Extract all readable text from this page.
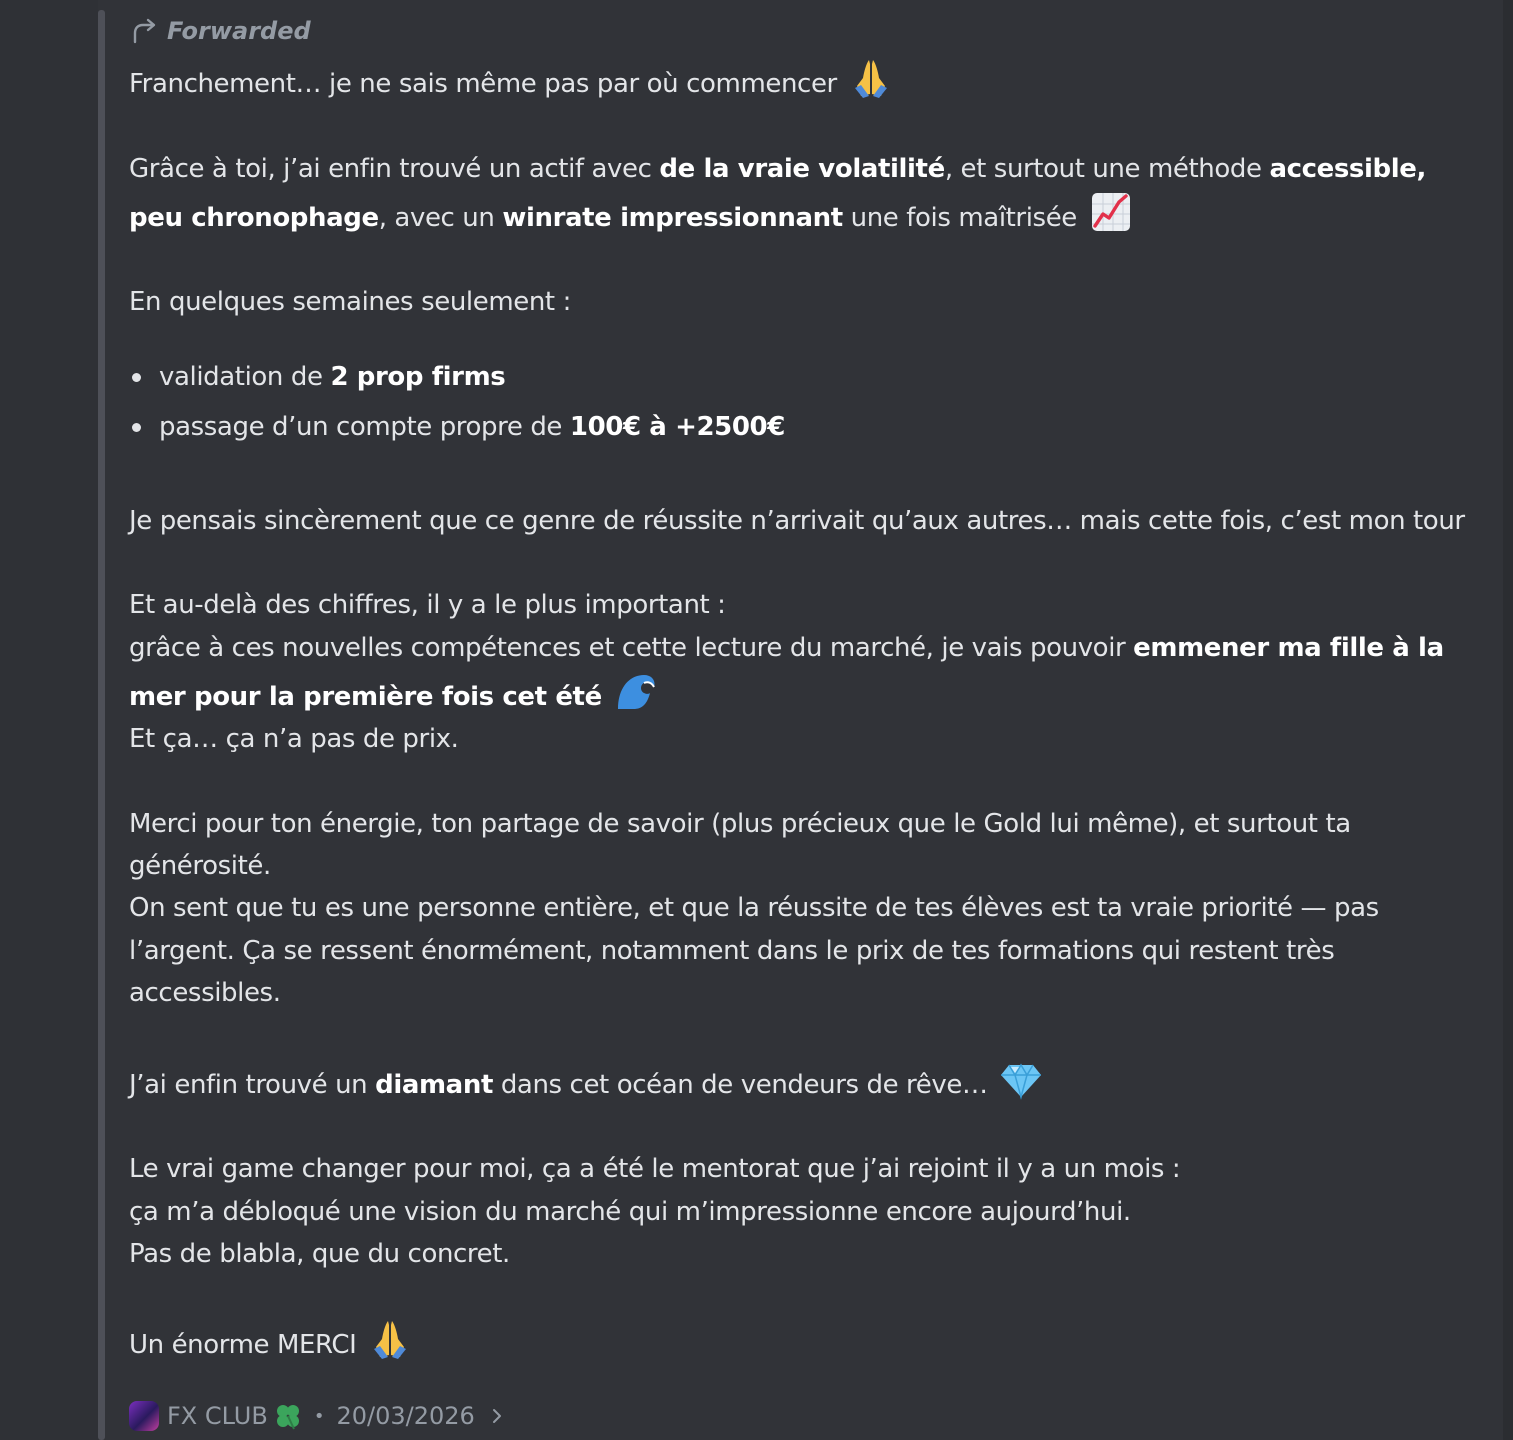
Forwarded

Franchement… je ne sais même pas par où commencer

Grâce à toi, j’ai enfin trouvé un actif avec de la vraie volatilité, et surtout une méthode accessible, peu chronophage, avec un winrate impressionnant une fois maîtrisée

En quelques semaines seulement :

validation de 2 prop firms
passage d’un compte propre de 100€ à +2500€

Je pensais sincèrement que ce genre de réussite n’arrivait qu’aux autres… mais cette fois, c’est mon tour

Et au-delà des chiffres, il y a le plus important :
grâce à ces nouvelles compétences et cette lecture du marché, je vais pouvoir emmener ma fille à la mer pour la première fois cet été
Et ça… ça n’a pas de prix.

Merci pour ton énergie, ton partage de savoir (plus précieux que le Gold lui même), et surtout ta générosité.
On sent que tu es une personne entière, et que la réussite de tes élèves est ta vraie priorité — pas l’argent. Ça se ressent énormément, notamment dans le prix de tes formations qui restent très accessibles.

J’ai enfin trouvé un diamant dans cet océan de vendeurs de rêve…

Le vrai game changer pour moi, ça a été le mentorat que j’ai rejoint il y a un mois :
ça m’a débloqué une vision du marché qui m’impressionne encore aujourd’hui.
Pas de blabla, que du concret.

Un énorme MERCI

FX CLUB	• 20/03/2026
